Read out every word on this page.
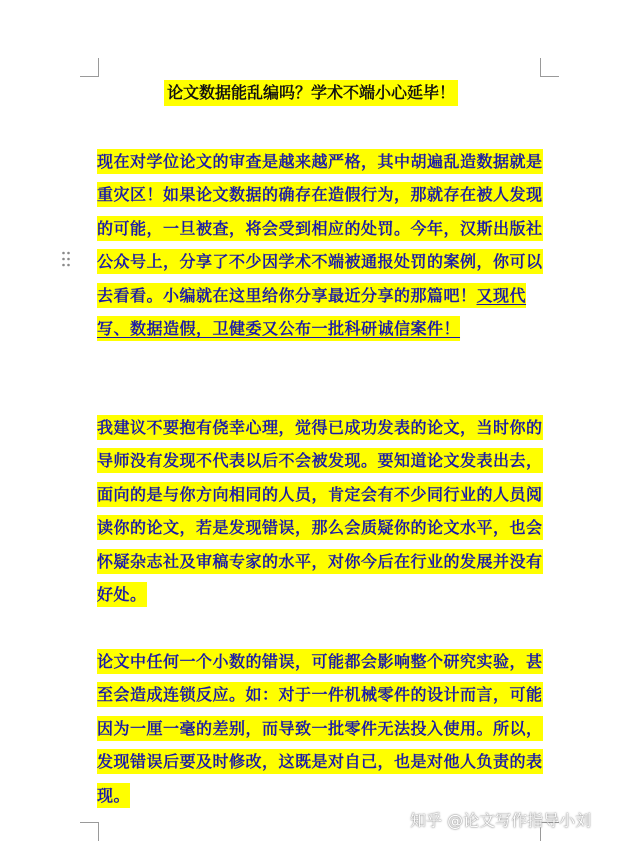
论文数据能乱编吗？学术不端小心延毕！
现在对学位论文的审查是越来越严格，其中胡遍乱造数据就是重灾区！如果论文数据的确存在造假行为，那就存在被人发现的可能，一旦被查，将会受到相应的处罚。今年，汉斯出版社公众号上，分享了不少因学术不端被通报处罚的案例，你可以去看看。小编就在这里给你分享最近分享的那篇吧！又现代写、数据造假，卫健委又公布一批科研诚信案件！
我建议不要抱有侥幸心理，觉得已成功发表的论文，当时你的导师没有发现不代表以后不会被发现。要知道论文发表出去，面向的是与你方向相同的人员，肯定会有不少同行业的人员阅读你的论文，若是发现错误，那么会质疑你的论文水平，也会怀疑杂志社及审稿专家的水平，对你今后在行业的发展并没有好处。
论文中任何一个小数的错误，可能都会影响整个研究实验，甚至会造成连锁反应。如：对于一件机械零件的设计而言，可能因为一厘一毫的差别，而导致一批零件无法投入使用。所以，发现错误后要及时修改，这既是对自己，也是对他人负责的表现。
知乎 @论文写作指导小刘
